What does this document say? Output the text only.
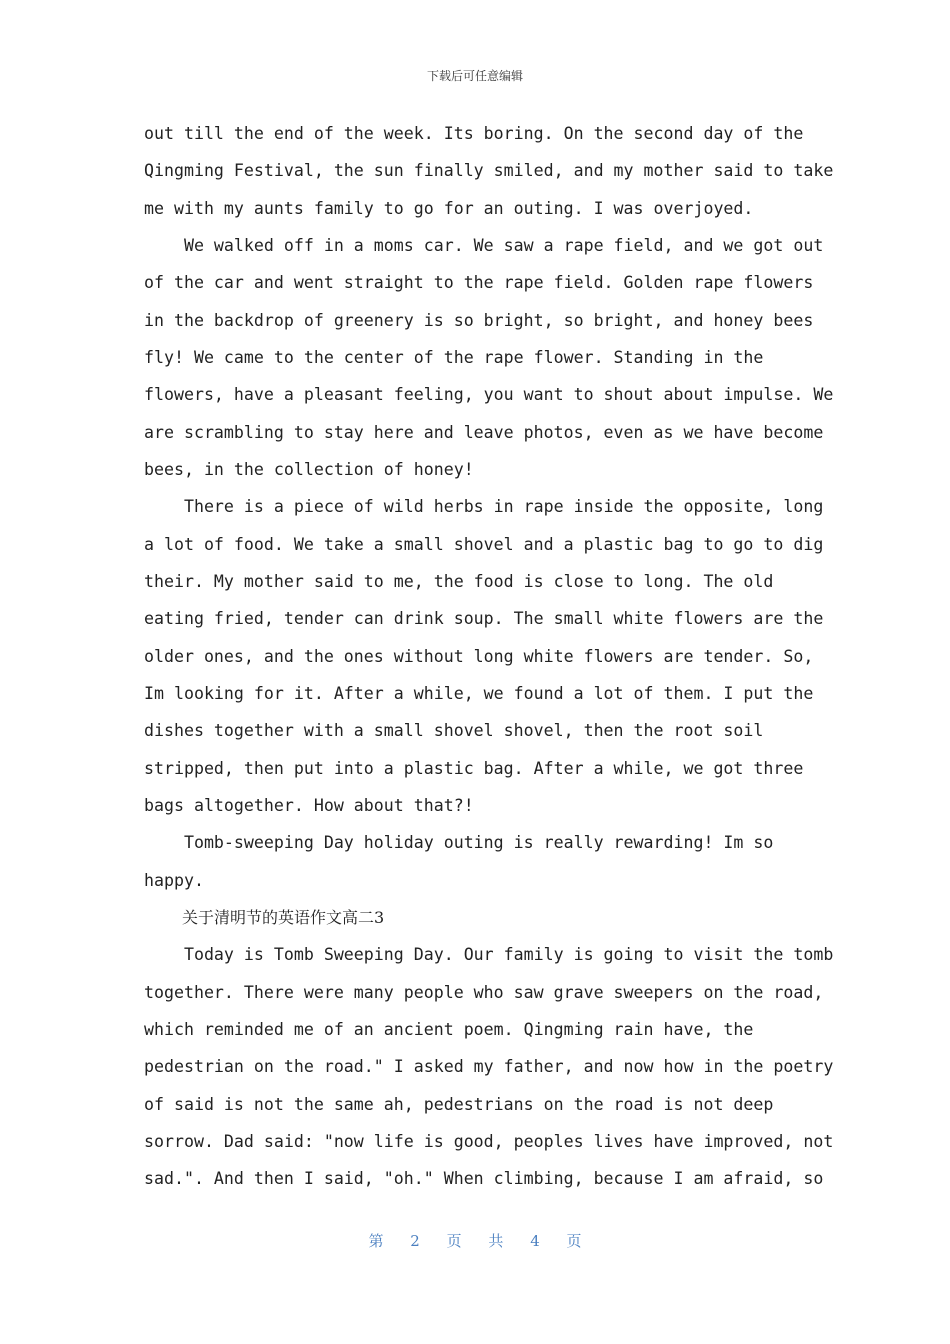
下载后可任意编辑
out till the end of the week. Its boring. On the second day of the
Qingming Festival, the sun finally smiled, and my mother said to take
me with my aunts family to go for an outing. I was overjoyed.
We walked off in a moms car. We saw a rape field, and we got out
of the car and went straight to the rape field. Golden rape flowers
in the backdrop of greenery is so bright, so bright, and honey bees
fly! We came to the center of the rape flower. Standing in the
flowers, have a pleasant feeling, you want to shout about impulse. We
are scrambling to stay here and leave photos, even as we have become
bees, in the collection of honey!
There is a piece of wild herbs in rape inside the opposite, long
a lot of food. We take a small shovel and a plastic bag to go to dig
their. My mother said to me, the food is close to long. The old
eating fried, tender can drink soup. The small white flowers are the
older ones, and the ones without long white flowers are tender. So,
Im looking for it. After a while, we found a lot of them. I put the
dishes together with a small shovel shovel, then the root soil
stripped, then put into a plastic bag. After a while, we got three
bags altogether. How about that?!
Tomb-sweeping Day holiday outing is really rewarding! Im so
happy.
关于清明节的英语作文高二3
Today is Tomb Sweeping Day. Our family is going to visit the tomb
together. There were many people who saw grave sweepers on the road,
which reminded me of an ancient poem. Qingming rain have, the
pedestrian on the road." I asked my father, and now how in the poetry
of said is not the same ah, pedestrians on the road is not deep
sorrow. Dad said: "now life is good, peoples lives have improved, not
sad.". And then I said, "oh." When climbing, because I am afraid, so
第 2 页 共 4 页
